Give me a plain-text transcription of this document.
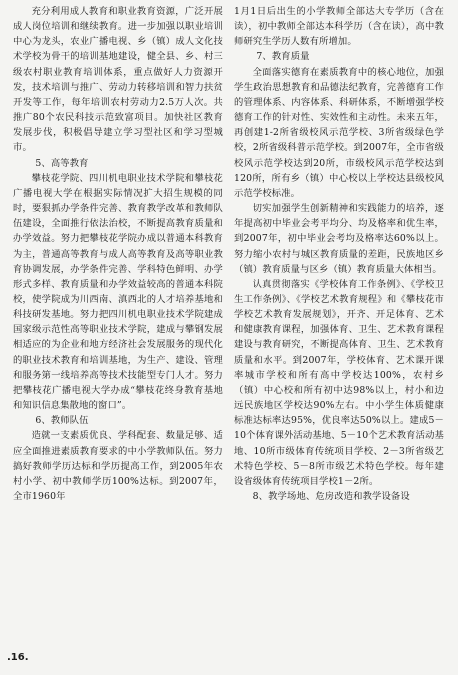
充分利用成人教育和职业教育资源，广泛开展成人岗位培训和继续教育。进一步加强以职业培训中心为龙头，农业广播电视、乡（镇）成人文化技术学校为骨干的培训基地建设，健全县、乡、村三级农村职业教育培训体系，重点做好人力资源开发，技术培训与推广、劳动力转移培训和智力扶贫开发等工作，每年培训农村劳动力2.5万人次。共推广80个农民科技示范致富项目。加快社区教育发展步伐，积极倡导建立学习型社区和学习型城市。

5、高等教育

攀枝花学院、四川机电职业技术学院和攀枝花广播电视大学在根据实际情况扩大招生规模的同时，要狠抓办学条件完善、教育教学改革和教师队伍建设，全面推行依法治校，不断提高教育质量和办学效益。努力把攀枝花学院办成以普通本科教育为主，普通高等教育与成人高等教育及高等职业教育协调发展，办学条件完善、学科特色鲜明、办学形式多样、教育质量和办学效益较高的普通本科院校，使学院成为川西南、滇西北的人才培养基地和科技研发基地。努力把四川机电职业技术学院建成国家级示范性高等职业技术学院，建成与攀钢发展相适应的为企业和地方经济社会发展服务的现代化的职业技术教育和培训基地，为生产、建设、管理和服务第一线培养高等技术技能型专门人才。努力把攀枝花广播电视大学办成“攀枝花终身教育基地和知识信息集散地的窗口”。

6、教师队伍

造就一支素质优良、学科配套、数量足够、适应全面推进素质教育要求的中小学教师队伍。努力搞好教师学历达标和学历提高工作，到2005年农村小学、初中教师学历100%达标。到2007年，全市1960年

1月1日后出生的小学教师全部达大专学历（含在读），初中教师全部达本科学历（含在读），高中教师研究生学历人数有所增加。

7、教育质量

全面落实德育在素质教育中的核心地位，加强学生政治思想教育和品德法纪教育，完善德育工作的管理体系、内容体系、科研体系，不断增强学校德育工作的针对性、实效性和主动性。未来五年，再创建1-2所省级校风示范学校、3所省级绿色学校，2所省级科普示范学校。到2007年，全市省级校风示范学校达到20所，市级校风示范学校达到120所，所有乡（镇）中心校以上学校达县级校风示范学校标准。

切实加强学生创新精神和实践能力的培养，逐年提高初中毕业会考平均分、均及格率和优生率，到2007年，初中毕业会考均及格率达60%以上。努力缩小农村与城区教育质量的差距，民族地区乡（镇）教育质量与区乡（镇）教育质量大体相当。

认真贯彻落实《学校体育工作条例》、《学校卫生工作条例》、《学校艺术教育规程》和《攀枝花市学校艺术教育发展规划》，开齐、开足体育、艺术和健康教育课程，加强体育、卫生、艺术教育课程建设与教育研究，不断提高体育、卫生、艺术教育质量和水平。到2007年，学校体育、艺术课开课率城市学校和所有高中学校达100%，农村乡（镇）中心校和所有初中达98%以上，村小和边远民族地区学校达90%左右。中小学生体质健康标准达标率达95%，优良率达50%以上。建成5－10个体育课外活动基地、5－10个艺术教育活动基地、10所市级体育传统项目学校、2－3所省级艺术特色学校、5－8所市级艺术特色学校。每年建设省级体育传统项目学校1－2所。

8、教学场地、危房改造和教学设备设

.16.
